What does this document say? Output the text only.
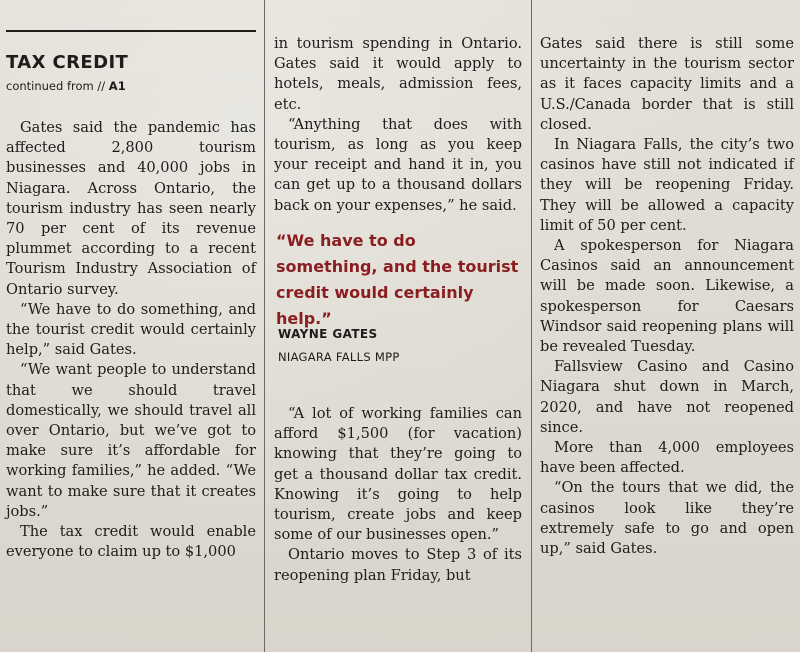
TAX CREDIT
continued from // A1

Gates said the pandemic has affected 2,800 tourism businesses and 40,000 jobs in Niagara. Across Ontario, the tourism industry has seen nearly 70 per cent of its revenue plummet according to a recent Tourism Industry Association of Ontario survey.

“We have to do something, and the tourist credit would certainly help,” said Gates.

“We want people to understand that we should travel domestically, we should travel all over Ontario, but we’ve got to make sure it’s affordable for working families,” he added. “We want to make sure that it creates jobs.”

The tax credit would enable everyone to claim up to $1,000

in tourism spending in Ontario. Gates said it would apply to hotels, meals, admission fees, etc.

“Anything that does with tourism, as long as you keep your receipt and hand it in, you can get up to a thousand dollars back on your expenses,” he said.

“We have to do something, and the tourist credit would certainly help.”
WAYNE GATES
NIAGARA FALLS MPP

“A lot of working families can afford $1,500 (for vacation) knowing that they’re going to get a thousand dollar tax credit. Knowing it’s going to help tourism, create jobs and keep some of our businesses open.”

Ontario moves to Step 3 of its reopening plan Friday, but

Gates said there is still some uncertainty in the tourism sector as it faces capacity limits and a U.S./Canada border that is still closed.

In Niagara Falls, the city’s two casinos have still not indicated if they will be reopening Friday. They will be allowed a capacity limit of 50 per cent.

A spokesperson for Niagara Casinos said an announcement will be made soon. Likewise, a spokesperson for Caesars Windsor said reopening plans will be revealed Tuesday.

Fallsview Casino and Casino Niagara shut down in March, 2020, and have not reopened since.

More than 4,000 employees have been affected.

“On the tours that we did, the casinos look like they’re extremely safe to go and open up,” said Gates.
